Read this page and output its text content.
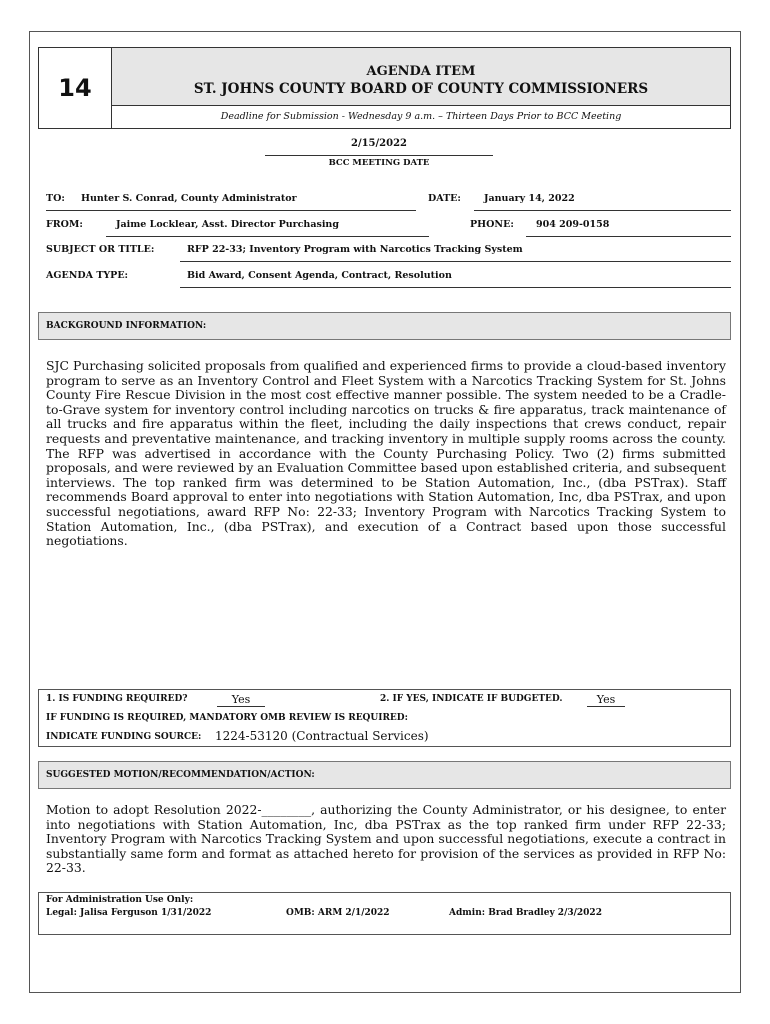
14
AGENDA ITEM
ST. JOHNS COUNTY BOARD OF COUNTY COMMISSIONERS
Deadline for Submission - Wednesday 9 a.m. – Thirteen Days Prior to BCC Meeting
2/15/2022
BCC MEETING DATE
TO: Hunter S. Conrad, County Administrator	DATE: January 14, 2022
FROM:	Jaime Locklear, Asst. Director Purchasing	PHONE: 904 209-0158
SUBJECT OR TITLE:	RFP 22-33; Inventory Program with Narcotics Tracking System
AGENDA TYPE:	Bid Award, Consent Agenda, Contract, Resolution
BACKGROUND INFORMATION:
SJC Purchasing solicited proposals from qualified and experienced firms to provide a cloud-based inventory program to serve as an Inventory Control and Fleet System with a Narcotics Tracking System for St. Johns County Fire Rescue Division in the most cost effective manner possible. The system needed to be a Cradle-to-Grave system for inventory control including narcotics on trucks & fire apparatus, track maintenance of all trucks and fire apparatus within the fleet, including the daily inspections that crews conduct, repair requests and preventative maintenance, and tracking inventory in multiple supply rooms across the county. The RFP was advertised in accordance with the County Purchasing Policy. Two (2) firms submitted proposals, and were reviewed by an Evaluation Committee based upon established criteria, and subsequent interviews. The top ranked firm was determined to be Station Automation, Inc., (dba PSTrax). Staff recommends Board approval to enter into negotiations with Station Automation, Inc, dba PSTrax, and upon successful negotiations, award RFP No: 22-33; Inventory Program with Narcotics Tracking System to Station Automation, Inc., (dba PSTrax), and execution of a Contract based upon those successful negotiations.
1. IS FUNDING REQUIRED?	Yes	2. IF YES, INDICATE IF BUDGETED.	Yes
IF FUNDING IS REQUIRED, MANDATORY OMB REVIEW IS REQUIRED:
INDICATE FUNDING SOURCE: 1224-53120 (Contractual Services)
SUGGESTED MOTION/RECOMMENDATION/ACTION:
Motion to adopt Resolution 2022-________, authorizing the County Administrator, or his designee, to enter into negotiations with Station Automation, Inc, dba PSTrax as the top ranked firm under RFP 22-33; Inventory Program with Narcotics Tracking System and upon successful negotiations, execute a contract in substantially same form and format as attached hereto for provision of the services as provided in RFP No: 22-33.
For Administration Use Only:
Legal: Jalisa Ferguson 1/31/2022	OMB: ARM 2/1/2022	Admin: Brad Bradley 2/3/2022
